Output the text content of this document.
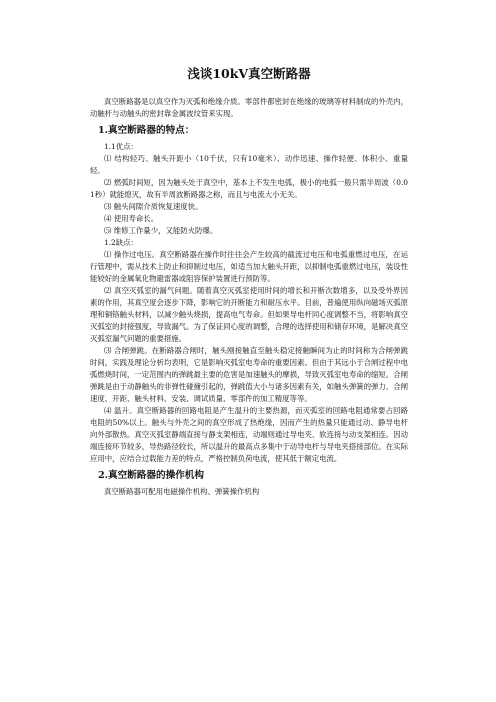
浅谈10kV真空断路器

真空断路器是以真空作为灭弧和绝缘介质。零部件都密封在绝缘的玻璃等材料制成的外壳内，动触杆与动触头的密封靠金属波纹管来实现。

1.真空断路器的特点：

1.1优点：

⑴ 结构轻巧、触头开距小（10千伏，只有10毫米）、动作迅速、操作轻便、体积小、重量轻。

⑵ 燃弧时间短，因为触头处于真空中，基本上不发生电弧，极小的电弧一般只需半周波（0.01秒）就能熄灭，故有半周波断路器之称，而且与电流大小无关。

⑶ 触头间隙介质恢复速度快。

⑷ 使用寿命长。

⑸ 维修工作量少，又能防火防爆。

1.2缺点：

⑴ 操作过电压。真空断路器在操作时往往会产生较高的截流过电压和电弧重燃过电压，在运行管理中，需从技术上防止和抑制过电压，如适当加大触头开距，以抑制电弧重燃过电压，装设性能较好的金属氧化物避雷器或阻容保护装置进行预防等。

⑵ 真空灭弧室的漏气问题。随着真空灭弧室使用时间的增长和开断次数增多，以及受外界因素的作用，其真空度会逐步下降，影响它的开断能力和耐压水平。目前，普遍使用纵向磁场灭弧原理和铜铬触头材料，以减少触头烧损，提高电气寿命。但如果导电杆同心度调整不当，将影响真空灭弧室的封接强度，导致漏气。为了保证同心度的调整，合理的选择使用和储存环境，是解决真空灭弧室漏气问题的重要措施。

⑶ 合闸弹跳。在断路器合闸时，触头刚接触直至触头稳定接触瞬间为止的时间称为合闸弹跳时间，实践及理论分析均表明，它是影响灭弧室电寿命的重要因素。但由于其远小于合闸过程中电弧燃烧时间，一定范围内的弹跳最主要的危害是加速触头的摩损，导致灭弧室电寿命的缩短。合闸弹跳是由于动静触头的非弹性碰撞引起的，弹跳值大小与诸多因素有关，如触头弹簧的弹力、合闸速度、开距、触头材料、安装、调试质量、零部件的加工精度等等。

⑷ 温升。真空断路器的回路电阻是产生温升的主要热源，而灭弧室的回路电阻通常要占回路电阻的50%以上。触头与外壳之间的真空形成了热绝缘，因而产生的热量只能通过动、静导电杆向外部散热。真空灭弧室静端直接与静支架相连，动端则通过导电夹、软连接与动支架相连。因动端连接环节较多，导热路径较长，所以温升的最高点多集中于动导电杆与导电夹搭接部位。在实际应用中，应结合过载能力差的特点，严格控制负荷电流，使其低于额定电流。

2.真空断路器的操作机构

真空断路器可配用电磁操作机构、弹簧操作机构
